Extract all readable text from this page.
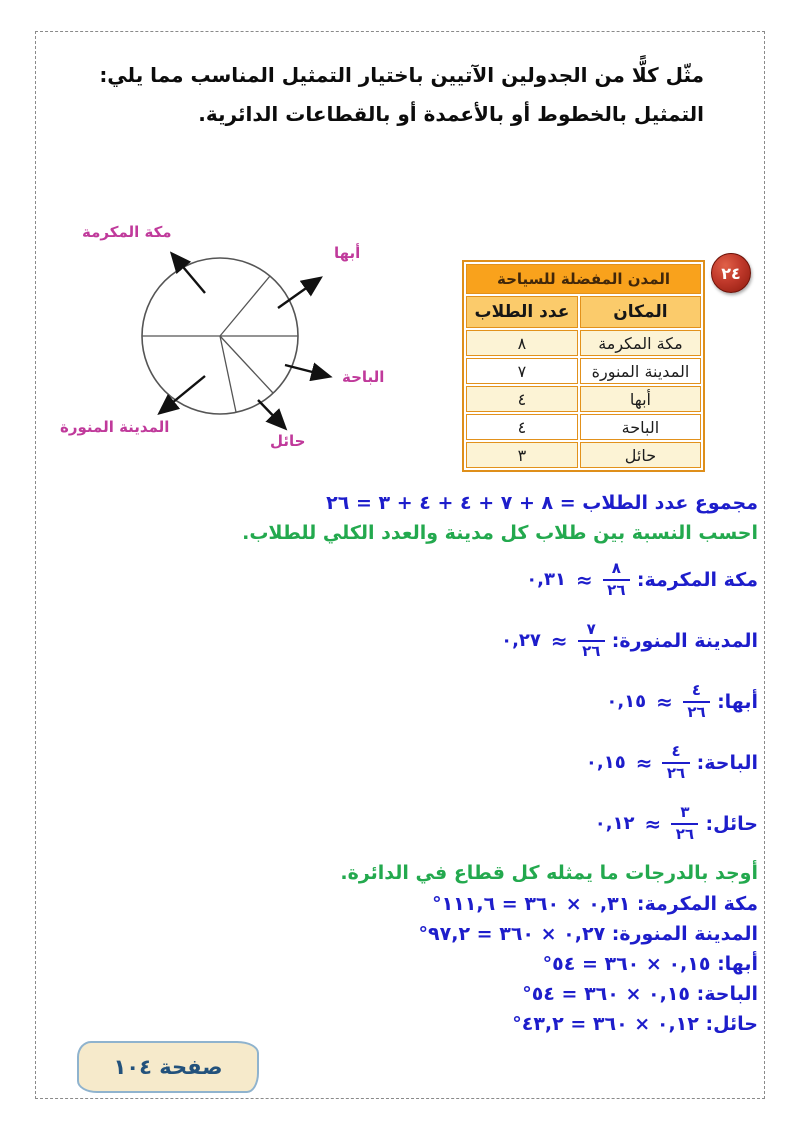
مثّل كلًّا من الجدولين الآتيين باختيار التمثيل المناسب مما يلي: التمثيل بالخطوط أو بالأعمدة أو بالقطاعات الدائرية.
٢٤
المدن المفضلة للسياحة	
المكان	عدد الطلاب
مكة المكرمة	٨
المدينة المنورة	٧
أبها	٤
الباحة	٤
حائل	٣
مكة المكرمة
أبها
الباحة
حائل
المدينة المنورة
مجموع عدد الطلاب = ٨ + ٧ + ٤ + ٤ + ٣ = ٢٦
احسب النسبة بين طلاب كل مدينة والعدد الكلي للطلاب.
مكة المكرمة:
$\frac{٨}{٢٦}$
≈
٠,٣١
المدينة المنورة:
$\frac{٧}{٢٦}$
≈
٠,٢٧
أبها:
$\frac{٤}{٢٦}$
≈
٠,١٥
الباحة:
$\frac{٤}{٢٦}$
≈
٠,١٥
حائل:
$\frac{٣}{٢٦}$
≈
٠,١٢
أوجد بالدرجات ما يمثله كل قطاع في الدائرة.
مكة المكرمة: ٠,٣١ × ٣٦٠ = ١١١,٦°
المدينة المنورة: ٠,٢٧ × ٣٦٠ = ٩٧,٢°
أبها: ٠,١٥ × ٣٦٠ = ٥٤°
الباحة: ٠,١٥ × ٣٦٠ = ٥٤°
حائل: ٠,١٢ × ٣٦٠ = ٤٣,٢°
صفحة ١٠٤
